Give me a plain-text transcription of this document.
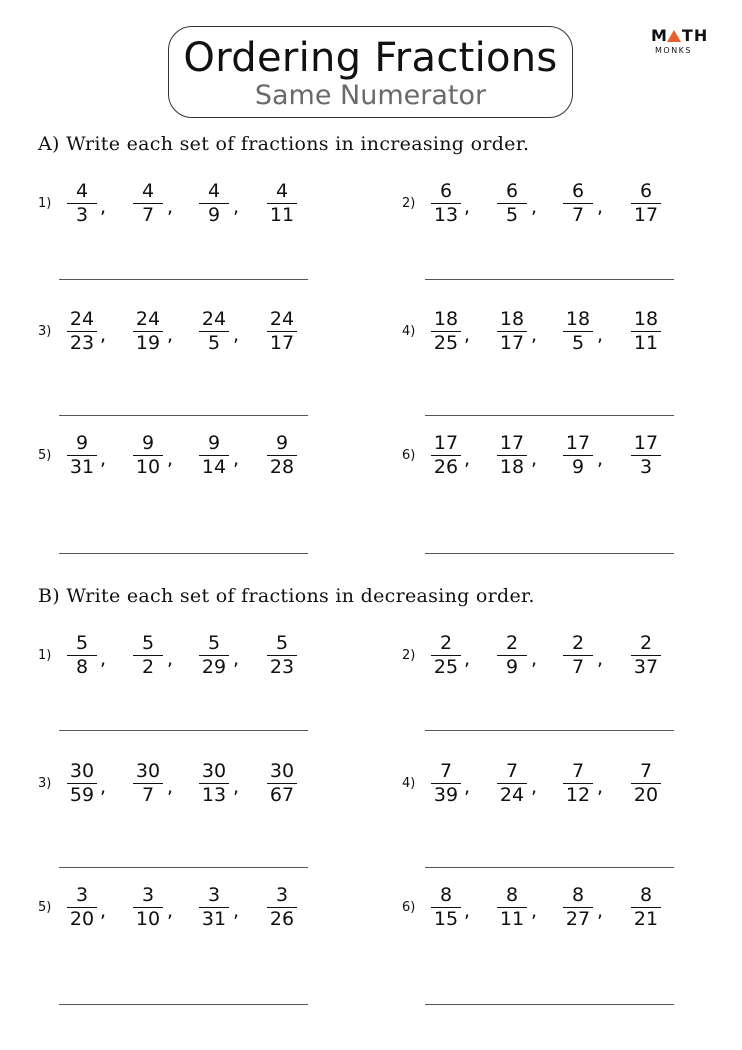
Ordering Fractions
Same Numerator
M TH
MONKS
A) Write each set of fractions in increasing order.
B) Write each set of fractions in decreasing order.
1)
4
3 ,
4
7 ,
4
9 ,
4
11
2)
6
13 ,
6
5 ,
6
7 ,
6
17
3)
24
23 ,
24
19 ,
24
5 ,
24
17
4)
18
25 ,
18
17 ,
18
5 ,
18
11
5)
9
31 ,
9
10 ,
9
14 ,
9
28
6)
17
26 ,
17
18 ,
17
9 ,
17
3
1)
5
8 ,
5
2 ,
5
29 ,
5
23
2)
2
25 ,
2
9 ,
2
7 ,
2
37
3)
30
59 ,
30
7 ,
30
13 ,
30
67
4)
7
39 ,
7
24 ,
7
12 ,
7
20
5)
3
20 ,
3
10 ,
3
31 ,
3
26
6)
8
15 ,
8
11 ,
8
27 ,
8
21
